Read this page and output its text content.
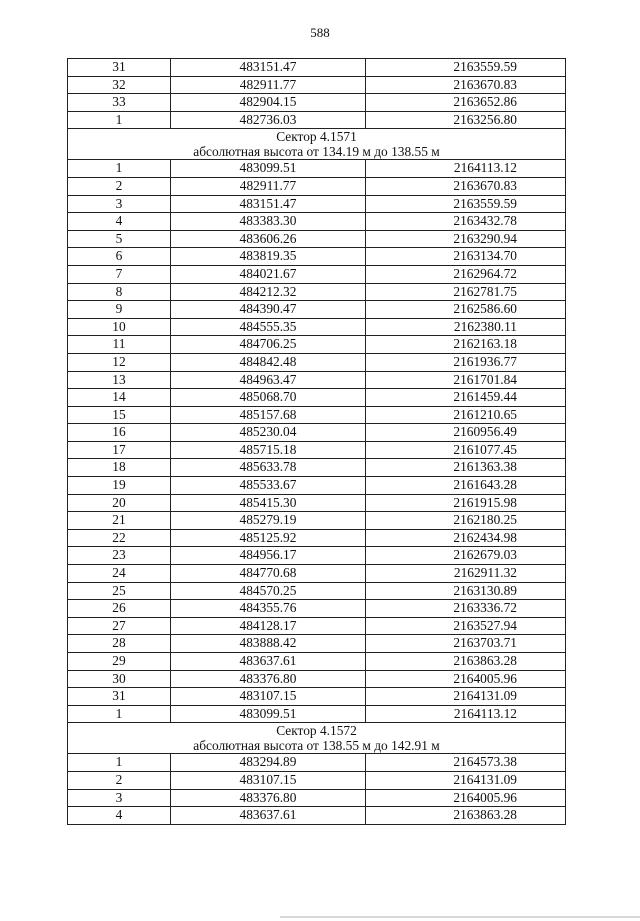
588
31	483151.47	2163559.59
32	482911.77	2163670.83
33	482904.15	2163652.86
1	482736.03	2163256.80

Сектор 4.1571
абсолютная высота от 134.19 м до 138.55 м		

1	483099.51	2164113.12
2	482911.77	2163670.83
3	483151.47	2163559.59
4	483383.30	2163432.78
5	483606.26	2163290.94
6	483819.35	2163134.70
7	484021.67	2162964.72
8	484212.32	2162781.75
9	484390.47	2162586.60
10	484555.35	2162380.11
11	484706.25	2162163.18
12	484842.48	2161936.77
13	484963.47	2161701.84
14	485068.70	2161459.44
15	485157.68	2161210.65
16	485230.04	2160956.49
17	485715.18	2161077.45
18	485633.78	2161363.38
19	485533.67	2161643.28
20	485415.30	2161915.98
21	485279.19	2162180.25
22	485125.92	2162434.98
23	484956.17	2162679.03
24	484770.68	2162911.32
25	484570.25	2163130.89
26	484355.76	2163336.72
27	484128.17	2163527.94
28	483888.42	2163703.71
29	483637.61	2163863.28
30	483376.80	2164005.96
31	483107.15	2164131.09
1	483099.51	2164113.12

Сектор 4.1572
абсолютная высота от 138.55 м до 142.91 м		

1	483294.89	2164573.38
2	483107.15	2164131.09
3	483376.80	2164005.96
4	483637.61	2163863.28
